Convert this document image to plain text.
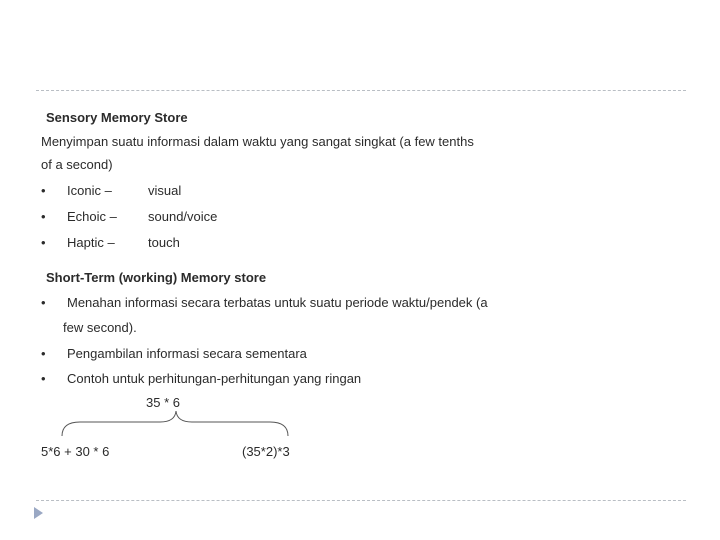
Sensory Memory Store
Menyimpan suatu informasi dalam waktu yang sangat singkat (a few tenths
of a second)
• Iconic –	visual
• Echoic – sound/voice
• Haptic –	touch
Short-Term (working) Memory store
• Menahan informasi secara terbatas untuk suatu periode waktu/pendek (a
few second).
• Pengambilan informasi secara sementara
• Contoh untuk perhitungan-perhitungan yang ringan
35 * 6
5*6 + 30 * 6	(35*2)*3
